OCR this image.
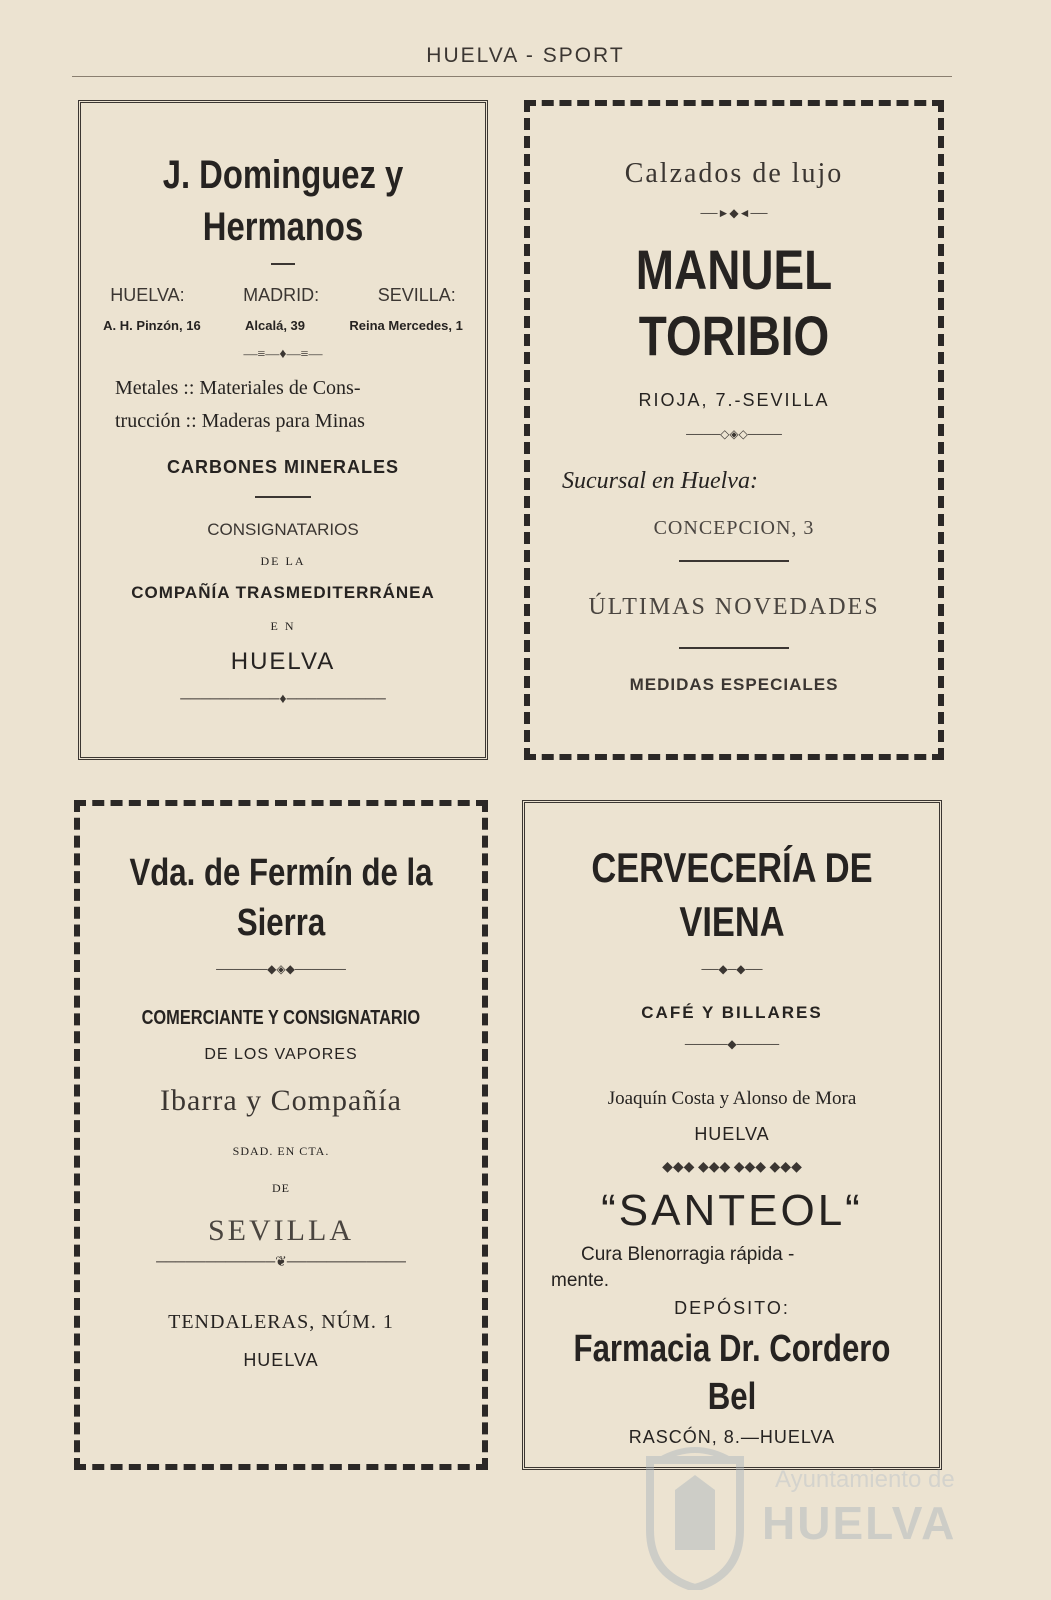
HUELVA - SPORT
J. Dominguez y Hermanos
HUELVA:	MADRID:	SEVILLA:
A. H. Pinzón, 16	Alcalá, 39	Reina Mercedes, 1
—≡—♦—≡—
Metales :: Materiales de Cons-
trucción :: Maderas para Minas
CARBONES MINERALES
CONSIGNATARIOS
DE LA
COMPAÑÍA TRASMEDITERRÁNEA
E N
HUELVA
──────────♦──────────
Calzados de lujo
──►◆◄──
MANUEL TORIBIO
RIOJA, 7.-SEVILLA
────◇◈◇────
Sucursal en Huelva:
CONCEPCION, 3
ÚLTIMAS NOVEDADES
MEDIDAS ESPECIALES
Vda. de Fermín de la Sierra
──────◆◈◆──────
COMERCIANTE Y CONSIGNATARIO
DE LOS VAPORES
Ibarra y Compañía
SDAD. EN CTA.
DE
SEVILLA
────────────❦────────────
TENDALERAS, NÚM. 1
HUELVA
CERVECERÍA DE VIENA
──◆─◆──
CAFÉ Y BILLARES
─────◆─────
Joaquín Costa y Alonso de Mora
HUELVA
◆◆◆ ◆◆◆ ◆◆◆ ◆◆◆
“SANTEOL“
Cura Blenorragia rápida -
mente.
DEPÓSITO:
Farmacia Dr. Cordero Bel
RASCÓN, 8.—HUELVA
Ayuntamiento de
HUELVA
